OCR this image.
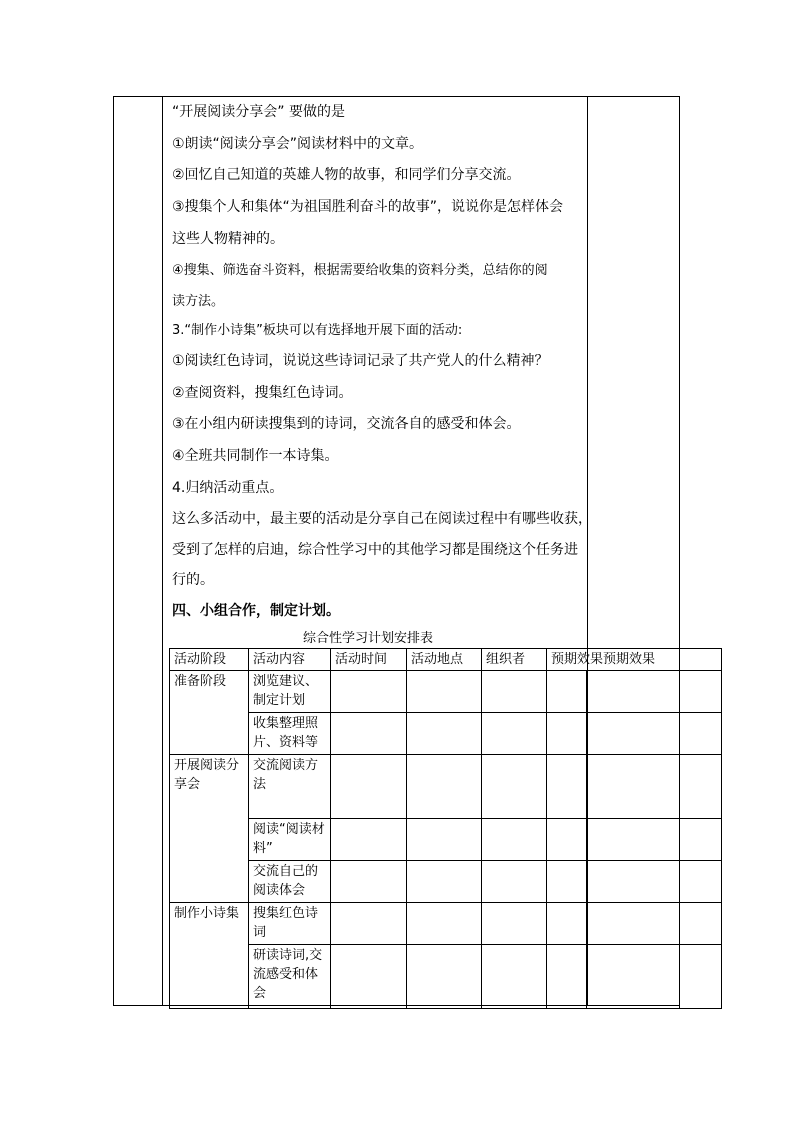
“开展阅读分享会” 要做的是
①朗读“阅读分享会”阅读材料中的文章。
②回忆自己知道的英雄人物的故事，和同学们分享交流。
③搜集个人和集体“为祖国胜利奋斗的故事”，说说你是怎样体会
这些人物精神的。
④搜集、筛选奋斗资料，根据需要给收集的资料分类，总结你的阅
读方法。
3.“制作小诗集”板块可以有选择地开展下面的活动:
①阅读红色诗词，说说这些诗词记录了共产党人的什么精神？
②查阅资料，搜集红色诗词。
③在小组内研读搜集到的诗词，交流各自的感受和体会。
④全班共同制作一本诗集。
4.归纳活动重点。
这么多活动中，最主要的活动是分享自己在阅读过程中有哪些收获，
受到了怎样的启迪，综合性学习中的其他学习都是围绕这个任务进
行的。
四、小组合作，制定计划。
综合性学习计划安排表
活动阶段	活动内容	活动时间	活动地点	组织者	预期效果预期效果		
准备阶段	浏览建议、制定计划						
	收集整理照片、资料等						
开展阅读分享会	交流阅读方法						
	阅读“阅读材料”						
	交流自己的阅读体会						
制作小诗集	搜集红色诗词						
	研读诗词,交流感受和体会						
